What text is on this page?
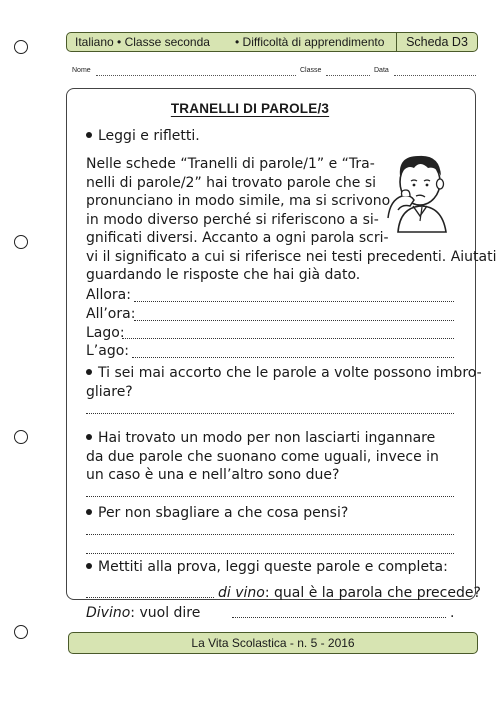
Italiano • Classe seconda	• Difficoltà di apprendimento	Scheda D3
Nome	Classe	Data
TRANELLI DI PAROLE/3
Leggi e rifletti.
Nelle schede “Tranelli di parole/1” e “Tra-
nelli di parole/2” hai trovato parole che si
pronunciano in modo simile, ma si scrivono
in modo diverso perché si riferiscono a si-
gnificati diversi. Accanto a ogni parola scri-
vi il significato a cui si riferisce nei testi precedenti. Aiutati
guardando le risposte che hai già dato.
Allora:
All’ora:
Lago:
L’ago:
Ti sei mai accorto che le parole a volte possono imbro-
gliare?
Hai trovato un modo per non lasciarti ingannare
da due parole che suonano come uguali, invece in
un caso è una e nell’altro sono due?
Per non sbagliare a che cosa pensi?
Mettiti alla prova, leggi queste parole e completa:
di vino: qual è la parola che precede?
Divino: vuol dire	.
La Vita Scolastica - n. 5 - 2016
